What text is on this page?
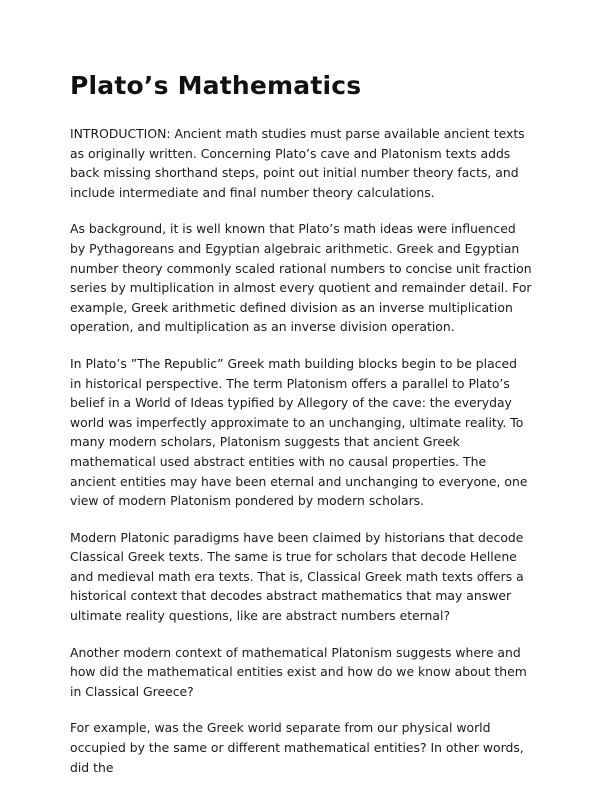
Plato’s Mathematics

INTRODUCTION: Ancient math studies must parse available ancient texts as originally written. Concerning Plato’s cave and Platonism texts adds back missing shorthand steps, point out initial number theory facts, and include intermediate and final number theory calculations.

As background, it is well known that Plato’s math ideas were influenced by Pythagoreans and Egyptian algebraic arithmetic. Greek and Egyptian number theory commonly scaled rational numbers to concise unit fraction series by multiplication in almost every quotient and remainder detail. For example, Greek arithmetic defined division as an inverse multiplication operation, and multiplication as an inverse division operation.

In Plato’s ”The Republic” Greek math building blocks begin to be placed in historical perspective. The term Platonism offers a parallel to Plato’s belief in a World of Ideas typified by Allegory of the cave: the everyday world was imperfectly approximate to an unchanging, ultimate reality. To many modern scholars, Platonism suggests that ancient Greek mathematical used abstract entities with no causal properties. The ancient entities may have been eternal and unchanging to everyone, one view of modern Platonism pondered by modern scholars.

Modern Platonic paradigms have been claimed by historians that decode Classical Greek texts. The same is true for scholars that decode Hellene and medieval math era texts. That is, Classical Greek math texts offers a historical context that decodes abstract mathematics that may answer ultimate reality questions, like are abstract numbers eternal?

Another modern context of mathematical Platonism suggests where and how did the mathematical entities exist and how do we know about them in Classical Greece?

For example, was the Greek world separate from our physical world occupied by the same or different mathematical entities? In other words, did the
